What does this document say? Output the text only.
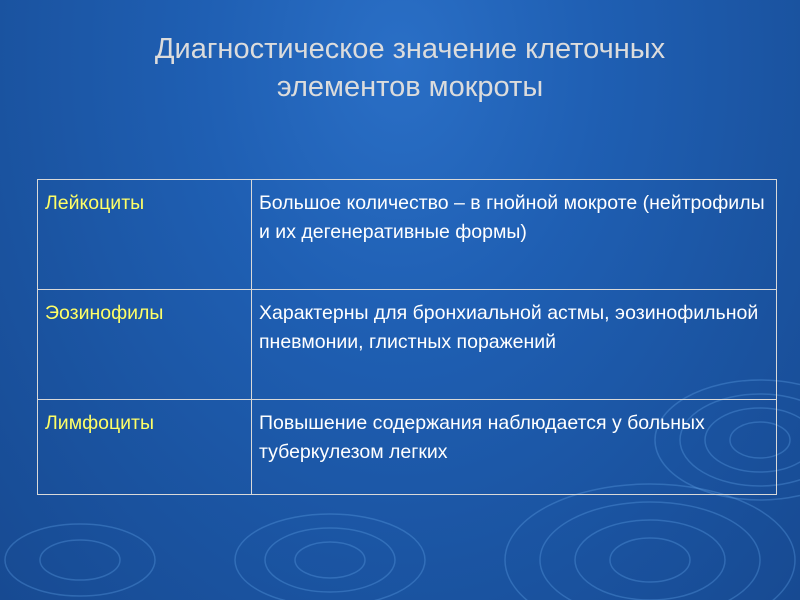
Диагностическое значение клеточных
элементов мокроты
Лейкоциты	Большое количество – в гнойной мокроте (нейтрофилы и их дегенеративные формы)
Эозинофилы	Характерны для бронхиальной астмы, эозинофильной пневмонии, глистных поражений
Лимфоциты	Повышение содержания наблюдается у больных туберкулезом легких
